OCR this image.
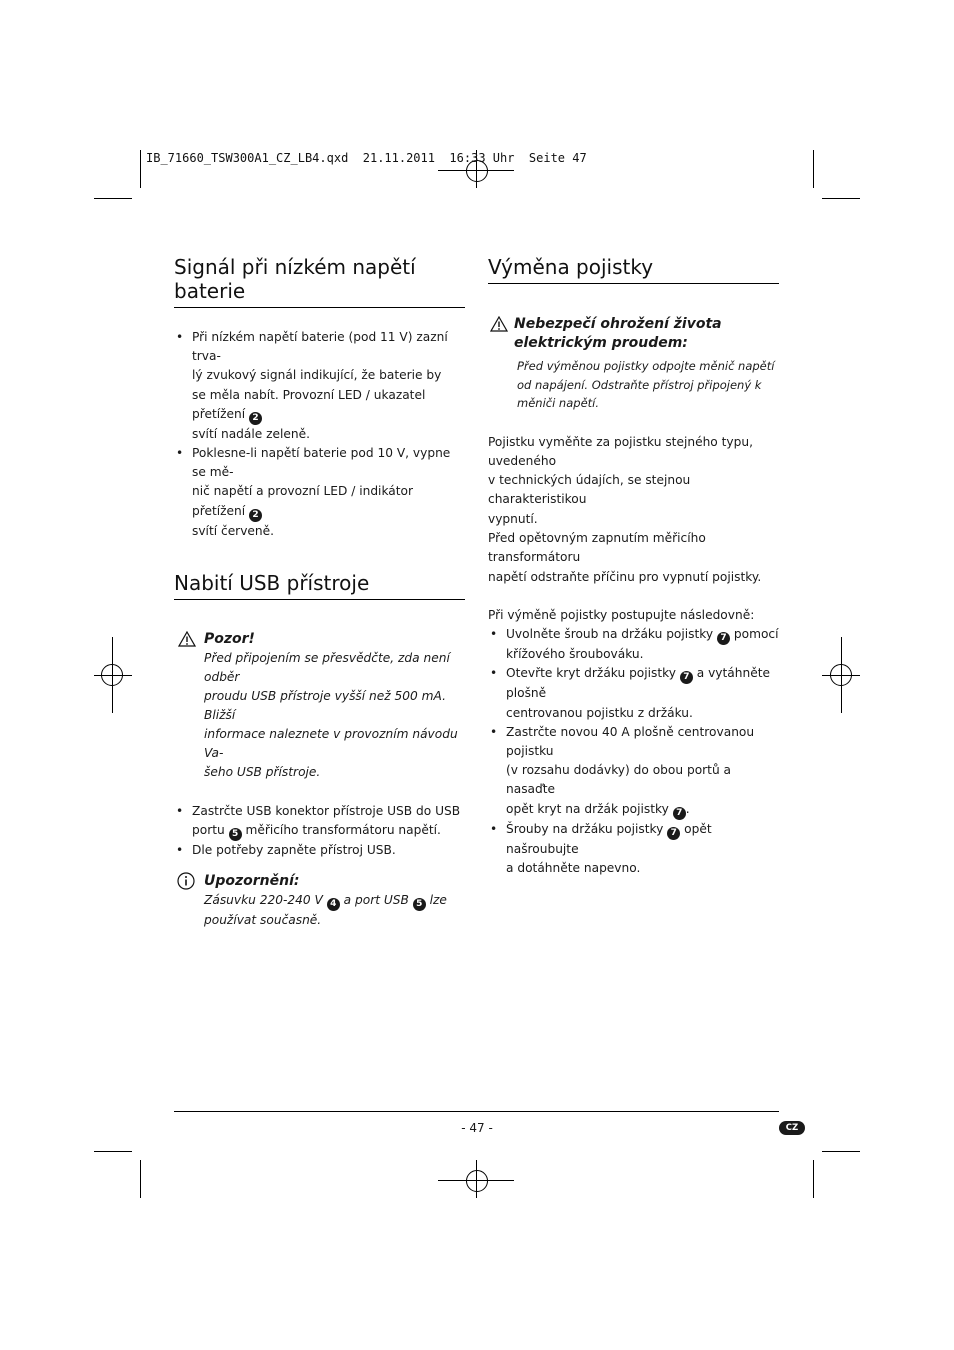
IB_71660_TSW300A1_CZ_LB4.qxd  21.11.2011  16:33 Uhr  Seite 47
Signál při nízkém napětí baterie
• Při nízkém napětí baterie (pod 11 V) zazní trva-
lý zvukový signál indikující, že baterie by
se měla nabít. Provozní LED / ukazatel přetížení 2
svítí nadále zeleně.
• Poklesne-li napětí baterie pod 10 V, vypne se mě-
nič napětí a provozní LED / indikátor přetížení 2
svítí červeně.
Nabití USB přístroje
Pozor!
Před připojením se přesvědčte, zda není odběr
proudu USB přístroje vyšší než 500 mA. Bližší
informace naleznete v provozním návodu Va-
šeho USB přístroje.
• Zastrčte USB konektor přístroje USB do USB
portu 5 měřicího transformátoru napětí.
• Dle potřeby zapněte přístroj USB.
Upozornění:
Zásuvku 220-240 V 4 a port USB 5 lze
používat současně.
Výměna pojistky
Nebezpečí ohrožení života
elektrickým proudem:
Před výměnou pojistky odpojte měnič napětí
od napájení. Odstraňte přístroj připojený k
měniči napětí.

Pojistku vyměňte za pojistku stejného typu, uvedeného
v technických údajích, se stejnou charakteristikou
vypnutí.
Před opětovným zapnutím měřicího transformátoru
napětí odstraňte příčinu pro vypnutí pojistky.

Při výměně pojistky postupujte následovně:

• Uvolněte šroub na držáku pojistky 7 pomocí
křížového šroubováku.
• Otevřte kryt držáku pojistky 7 a vytáhněte plošně
centrovanou pojistku z držáku.
• Zastrčte novou 40 A plošně centrovanou pojistku
(v rozsahu dodávky) do obou portů a nasaďte
opět kryt na držák pojistky 7 .
• Šrouby na držáku pojistky 7 opět našroubujte
a dotáhněte napevno.
- 47 -	CZ
